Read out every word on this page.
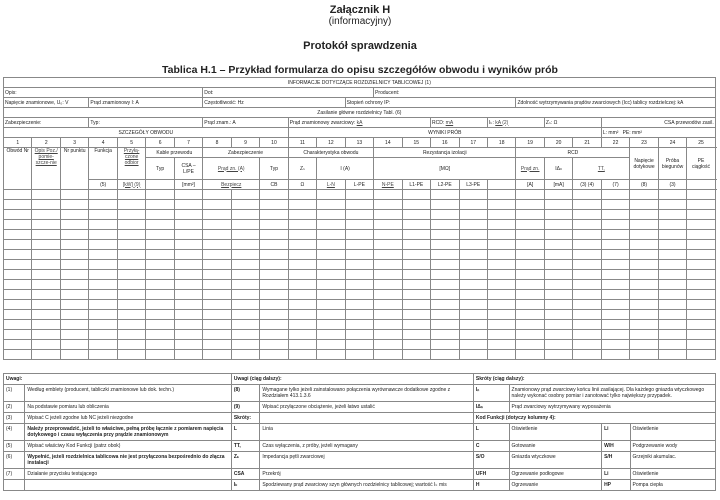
Załącznik H
(informacyjny)
Protokół sprawdzenia
Tablica H.1 – Przykład formularza do opisu szczegółów obwodu i wyników prób
INFORMACJE DOTYCZĄCE ROZDZIELNICY TABLICOWEJ (1)																									
Opis:							Dot:						Producent:												
Napięcie znamionowe, U₀: V			Prąd znamionowy I: A				Częstotliwość: Hz					Stopień ochrony IP:						Zdolność wytrzymywania prądów zwarciowych (Icc) tablicy rozdzielczej: kA							
Zasilanie główne rozdzielnicy Tabl. (6)																									
Zabezpieczenie:			Typ:				Prąd znam.: A			Prąd znamionowy zwarciowy: kA					RCD: mA		Iₖ: kA (2)		Zₛ: Ω		CSA przewodów zasil.				
SZCZEGÓŁY OBWODU										WYNIKI PRÓB											L: mm² PE: mm²				
1	2	3	4	5	6	7	8	9	10	11	12	13	14	15	16	17	18	19	20	21	22	23	24	25	
Obwód Nr	Opis Poz./ pomie-szcze-nie	Nr punktu	Funkcja	Przyłą-czone odbior	Kable przewodu		Zabezpieczenie			Charakterystyka obwodu			Rezystancja izolacji					RCD				Napięcie dotykowe	Próba biegunów	PE ciągłość	
					Typ	CSA – L/PE	Prąd zn. (A)		Typ	Zₛ	I (A)		[MΩ]					Prąd zn.	IΔₙ	TT,					
			(5)	[kW] (9)		[mm²]	Bezpiecz		CB	Ω	L-N	L-PE	N-PE	L1-PE	L2-PE	L3-PE		[A]	[mA]	(3) (4)	(7)	(8)	(3)		

Uwagi:		Uwagi (ciąg dalszy):		Skróty (ciąg dalszy):			
(1)	Według emblety (producent, tabliczki znamionowe lub dok. techn.)	(8)	Wymagane tylko jeżeli zainstalowano połączenia wyrównawcze dodatkowe zgodne z Rozdziałem 413.1.3.6	Iₙ	Znamionowy prąd zwarciowy końcu linii zasilającej. Dla każdego gniazda wtyczkowego należy wykonać osobny pomiar i zanotować tylko największy przypadek.		
(2)	Na podstawie pomiaru lub obliczenia	(9)	Wpisać przyłączone obciążenie, jeżeli łatwo ustalić	IΔₙ	Prąd zwarciowy wytrzymywany wyposażenia		
(3)	Wpisać C jeżeli zgodne lub NC jeżeli niezgodne	Skróty:		Kod Funkcji (dotyczy kolumny 4):			
(4)	Należy przeprowadzić, jeżeli to właściwe, pełną próbę łącznie z pomiarem napięcia dotykowego i czasu wyłączenia przy prądzie znamionowym	L	Linia	L	Oświetlenie	Li	Oświetlenie
(5)	Wpisać właściwy Kod Funkcji (patrz obok)	TT,	Czas wyłączenia, z próby, jeżeli wymagany	C	Gotowanie	W/H	Podgrzewanie wody
(6)	Wypełnić, jeżeli rozdzielnica tablicowa nie jest przyłączona bezpośrednio do złącza instalacji	Zₛ	Impedancja pętli zwarciowej	S/O	Gniazda wtyczkowe	S/H	Grzejniki akumulac.
(7)	Działanie przycisku testującego	CSA	Przekrój	UFH	Ogrzewanie podłogowe	Li	Oświetlenie
		Iₖ	Spodziewany prąd zwarciowy szyn głównych rozdzielnicy tablicowej; wartość Iₖ mis	H	Ogrzewanie	HP	Pompa ciepła
